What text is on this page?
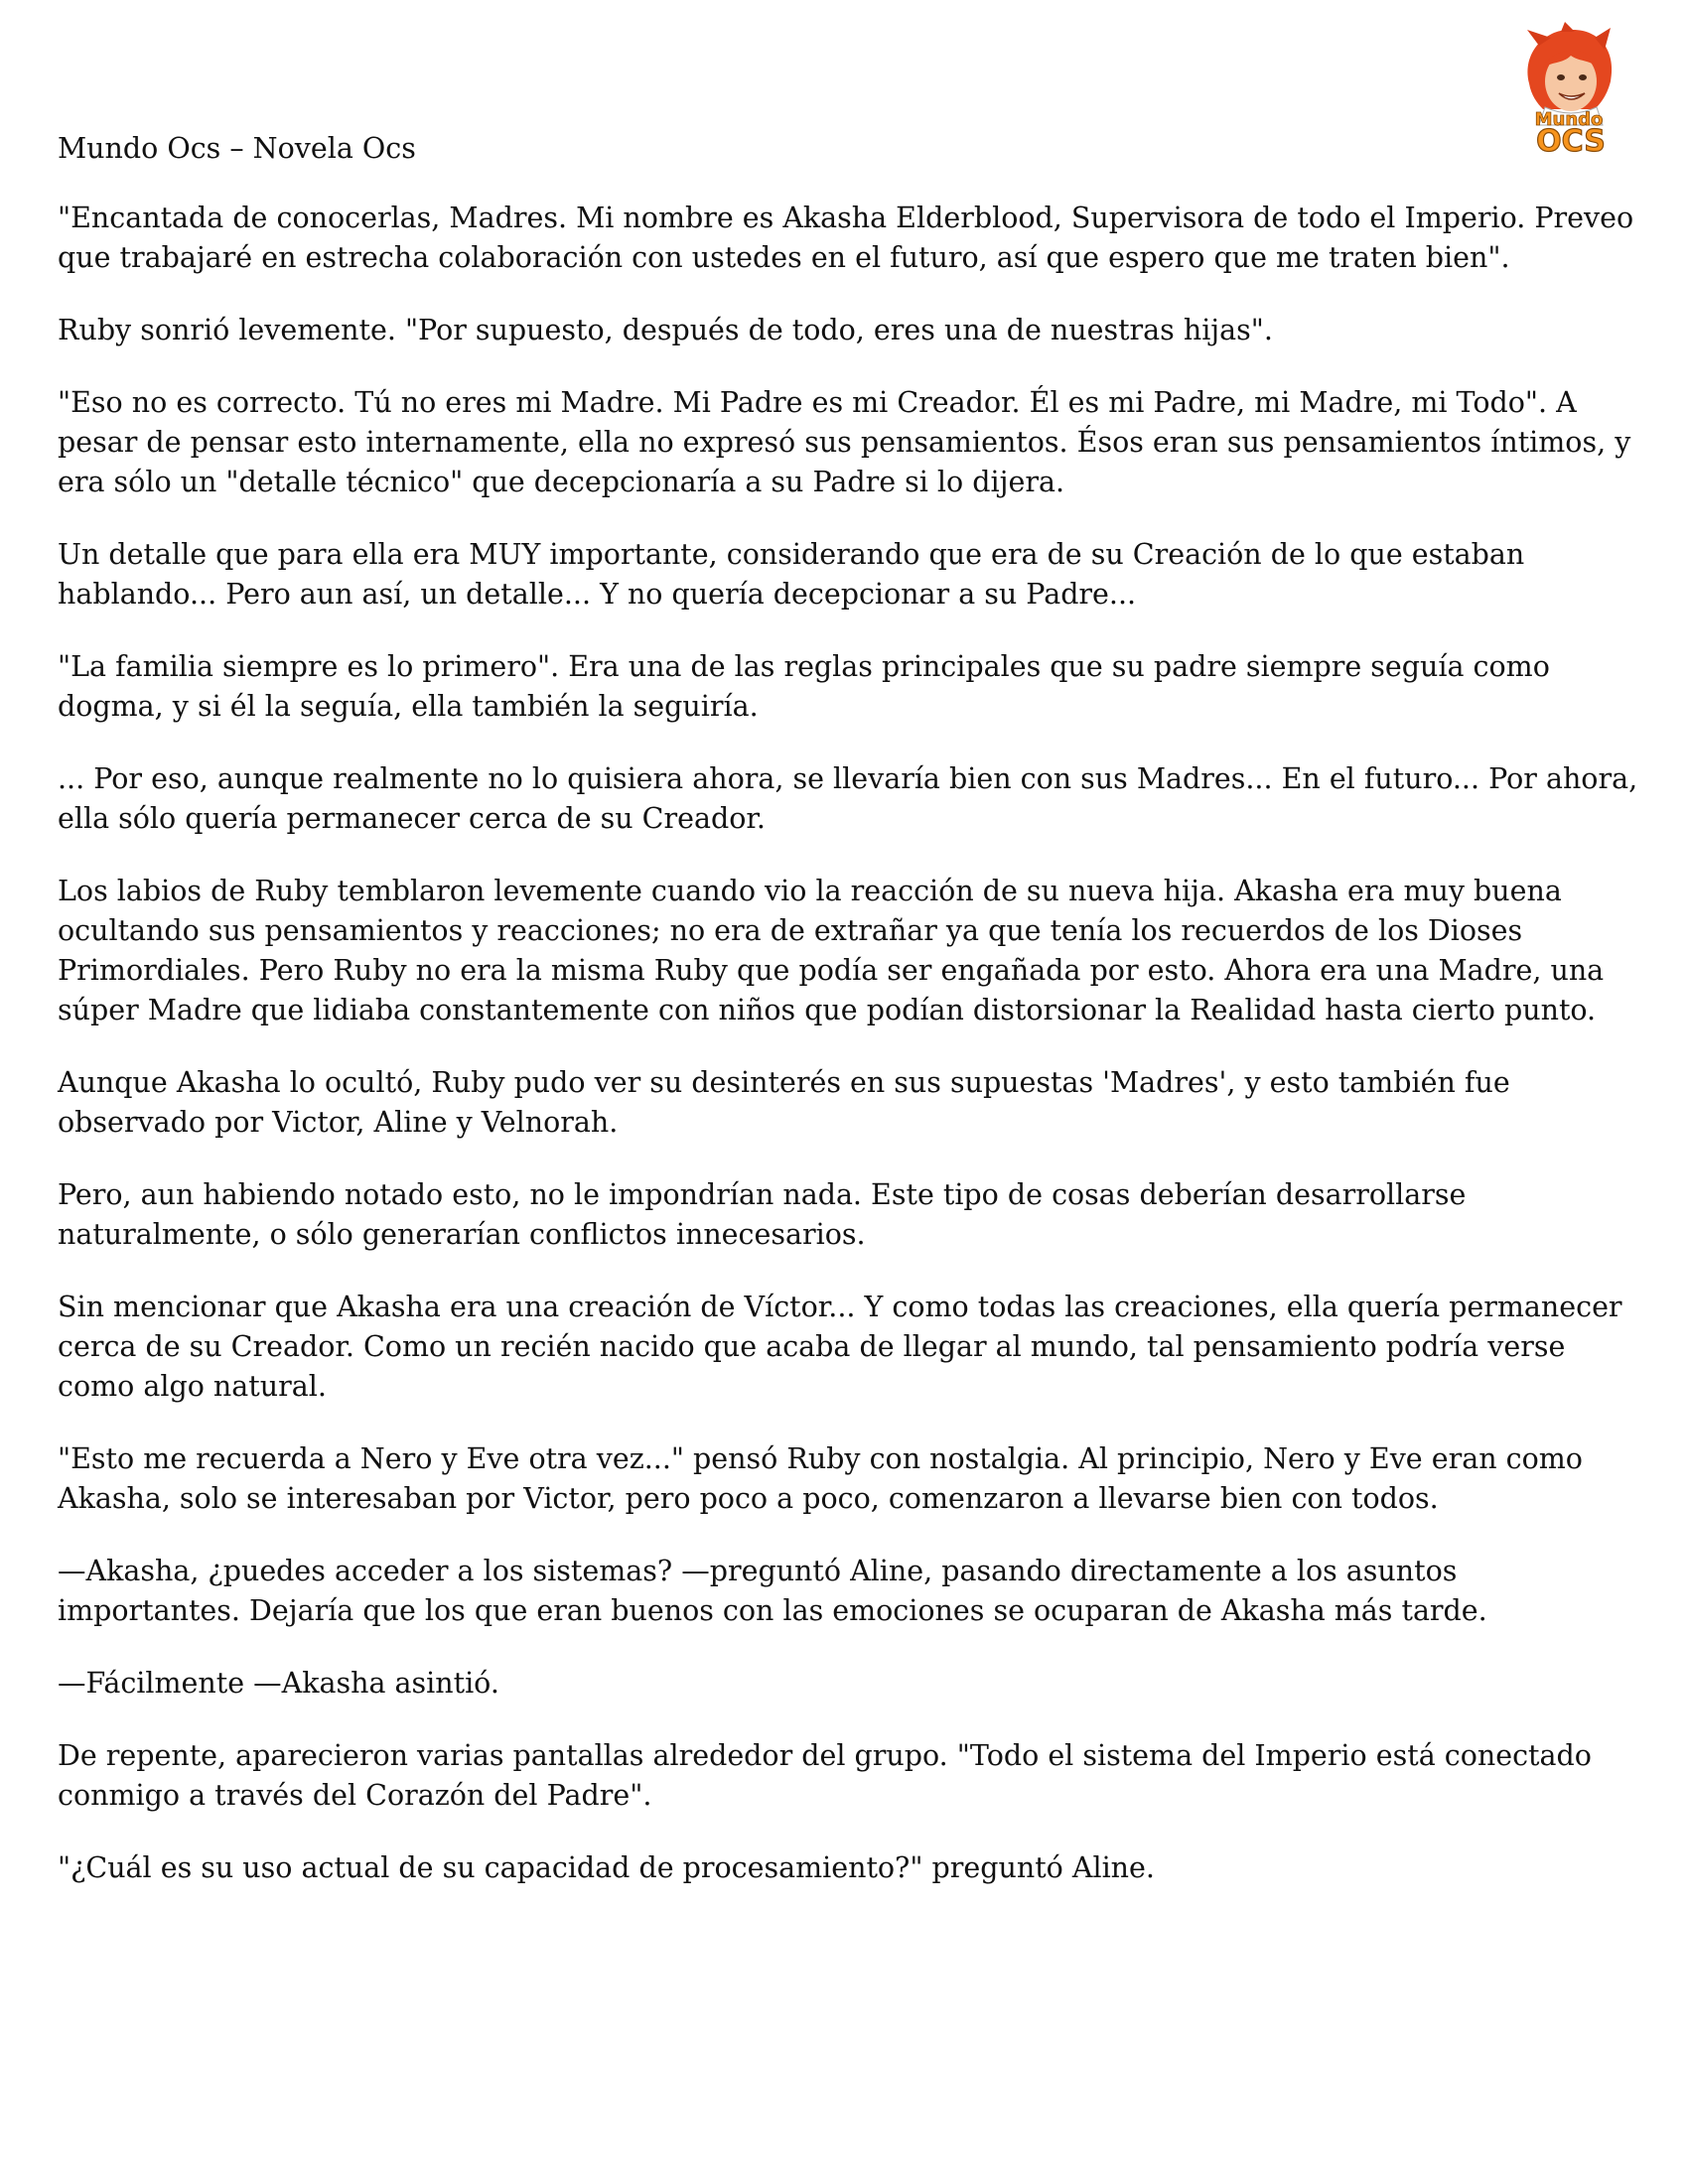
Mundo
OCS

Mundo Ocs – Novela Ocs

"Encantada de conocerlas, Madres. Mi nombre es Akasha Elderblood, Supervisora de todo el Imperio. Preveo que trabajaré en estrecha colaboración con ustedes en el futuro, así que espero que me traten bien".

Ruby sonrió levemente. "Por supuesto, después de todo, eres una de nuestras hijas".

"Eso no es correcto. Tú no eres mi Madre. Mi Padre es mi Creador. Él es mi Padre, mi Madre, mi Todo". A pesar de pensar esto internamente, ella no expresó sus pensamientos. Ésos eran sus pensamientos íntimos, y era sólo un "detalle técnico" que decepcionaría a su Padre si lo dijera.

Un detalle que para ella era MUY importante, considerando que era de su Creación de lo que estaban hablando... Pero aun así, un detalle... Y no quería decepcionar a su Padre...

"La familia siempre es lo primero". Era una de las reglas principales que su padre siempre seguía como dogma, y si él la seguía, ella también la seguiría.

... Por eso, aunque realmente no lo quisiera ahora, se llevaría bien con sus Madres... En el futuro... Por ahora, ella sólo quería permanecer cerca de su Creador.

Los labios de Ruby temblaron levemente cuando vio la reacción de su nueva hija. Akasha era muy buena ocultando sus pensamientos y reacciones; no era de extrañar ya que tenía los recuerdos de los Dioses Primordiales. Pero Ruby no era la misma Ruby que podía ser engañada por esto. Ahora era una Madre, una súper Madre que lidiaba constantemente con niños que podían distorsionar la Realidad hasta cierto punto.

Aunque Akasha lo ocultó, Ruby pudo ver su desinterés en sus supuestas 'Madres', y esto también fue observado por Victor, Aline y Velnorah.

Pero, aun habiendo notado esto, no le impondrían nada. Este tipo de cosas deberían desarrollarse naturalmente, o sólo generarían conflictos innecesarios.

Sin mencionar que Akasha era una creación de Víctor... Y como todas las creaciones, ella quería permanecer cerca de su Creador. Como un recién nacido que acaba de llegar al mundo, tal pensamiento podría verse como algo natural.

"Esto me recuerda a Nero y Eve otra vez..." pensó Ruby con nostalgia. Al principio, Nero y Eve eran como Akasha, solo se interesaban por Victor, pero poco a poco, comenzaron a llevarse bien con todos.

—Akasha, ¿puedes acceder a los sistemas? —preguntó Aline, pasando directamente a los asuntos importantes. Dejaría que los que eran buenos con las emociones se ocuparan de Akasha más tarde.

—Fácilmente —Akasha asintió.

De repente, aparecieron varias pantallas alrededor del grupo. "Todo el sistema del Imperio está conectado conmigo a través del Corazón del Padre".

"¿Cuál es su uso actual de su capacidad de procesamiento?" preguntó Aline.
